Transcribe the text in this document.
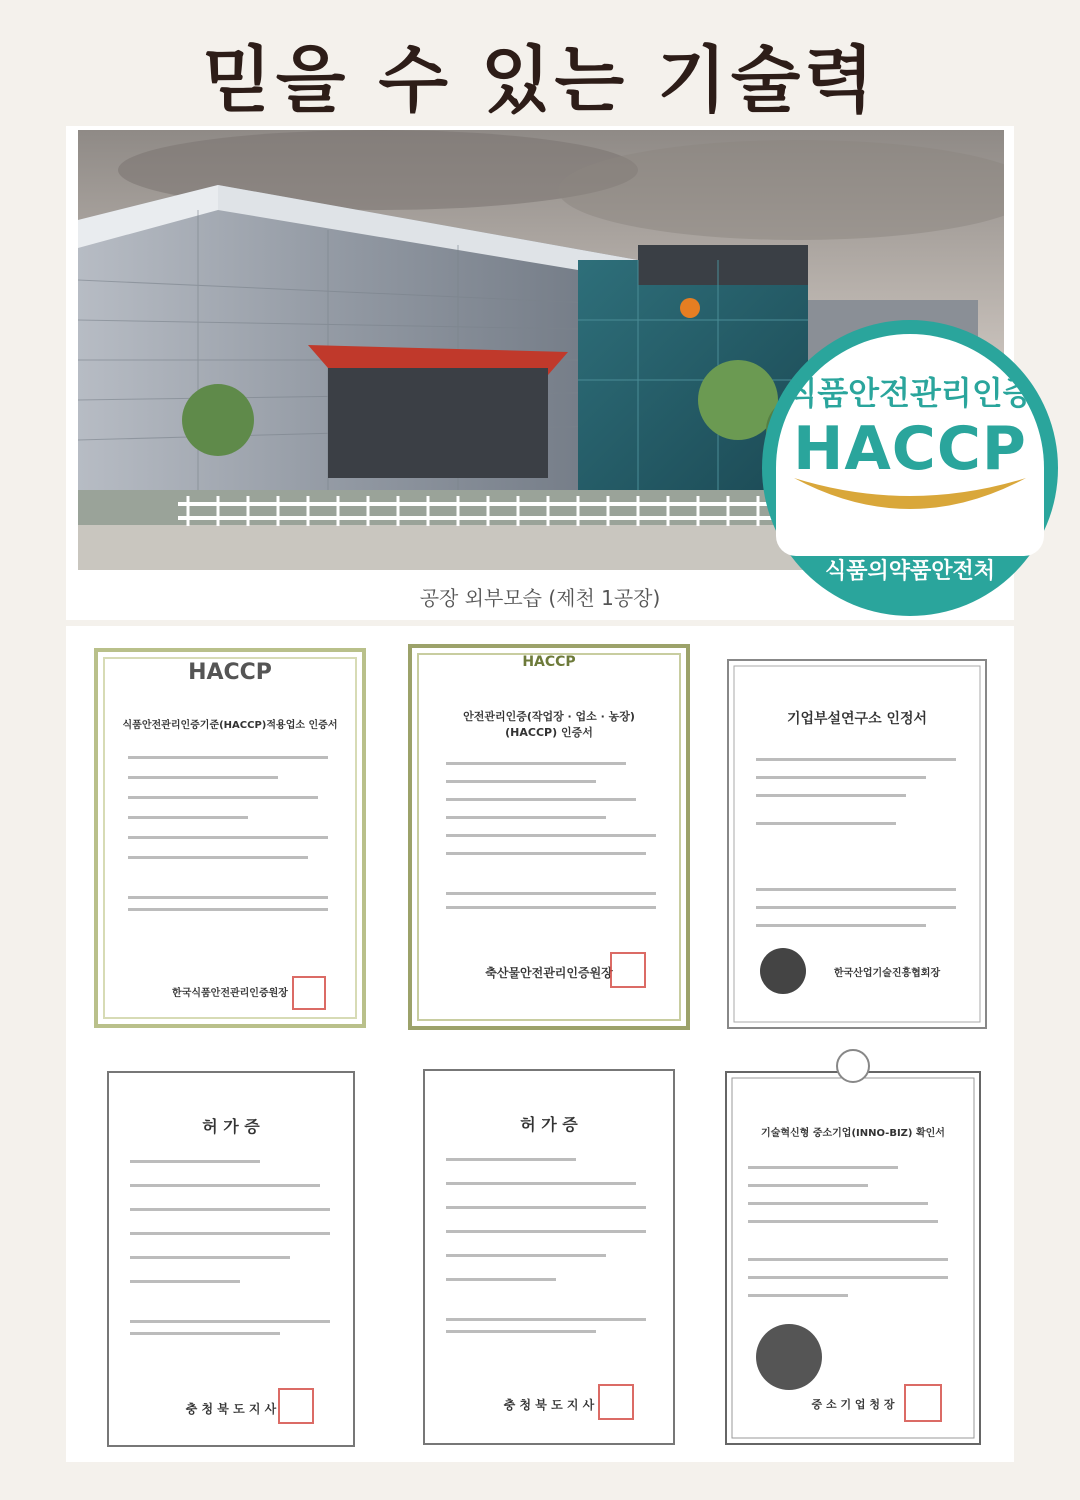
믿을 수 있는 기술력
공장 외부모습 (제천 1공장)
식품안전관리인증
HACCP
식품의약품안전처
HACCP
식품안전관리인증기준(HACCP)적용업소 인증서
한국식품안전관리인증원장
HACCP
안전관리인증(작업장 · 업소 · 농장) (HACCP) 인증서
축산물안전관리인증원장
기업부설연구소 인정서
한국산업기술진흥협회장
허 가 증
충 청 북 도 지 사
허 가 증
충 청 북 도 지 사
기술혁신형 중소기업(INNO-BIZ) 확인서
중 소 기 업 청 장
